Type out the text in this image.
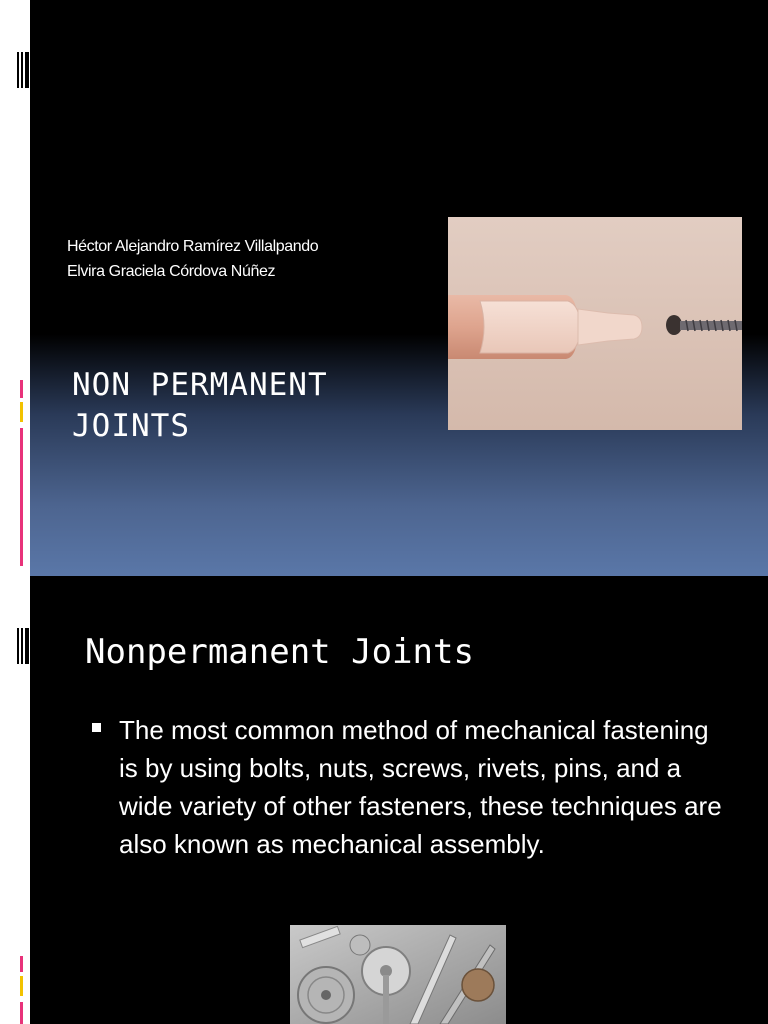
Héctor Alejandro Ramírez Villalpando
Elvira Graciela Córdova Núñez
NON PERMANENT
JOINTS
Nonpermanent Joints

The most common method of mechanical fastening is by using bolts, nuts, screws, rivets, pins, and a wide variety of other fasteners, these techniques are also known as mechanical assembly.
